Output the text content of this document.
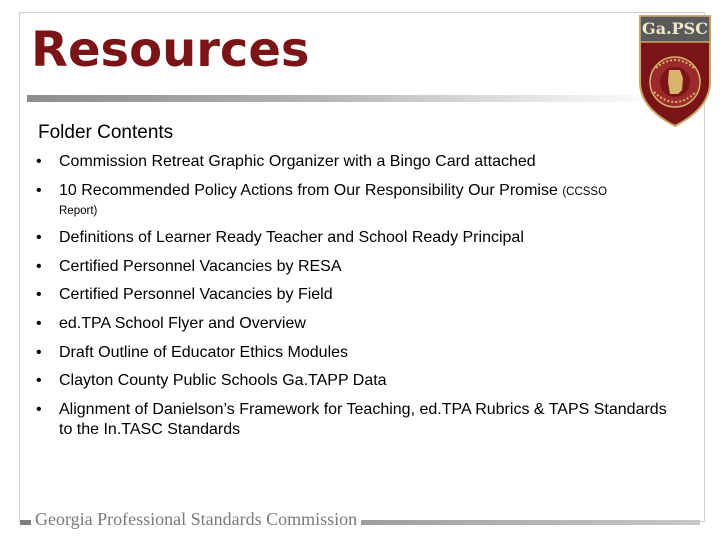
Resources	Ga.PSC
Folder Contents
• Commission Retreat Graphic Organizer with a Bingo Card attached
• 10 Recommended Policy Actions from Our Responsibility Our Promise (CCSSO
Report)
• Definitions of Learner Ready Teacher and School Ready Principal
• Certified Personnel Vacancies by RESA
• Certified Personnel Vacancies by Field
• ed.TPA School Flyer and Overview
• Draft Outline of Educator Ethics Modules
• Clayton County Public Schools Ga.TAPP Data
• Alignment of Danielson’s Framework for Teaching, ed.TPA Rubrics & TAPS Standards to the In.TASC Standards

Georgia Professional Standards Commission
